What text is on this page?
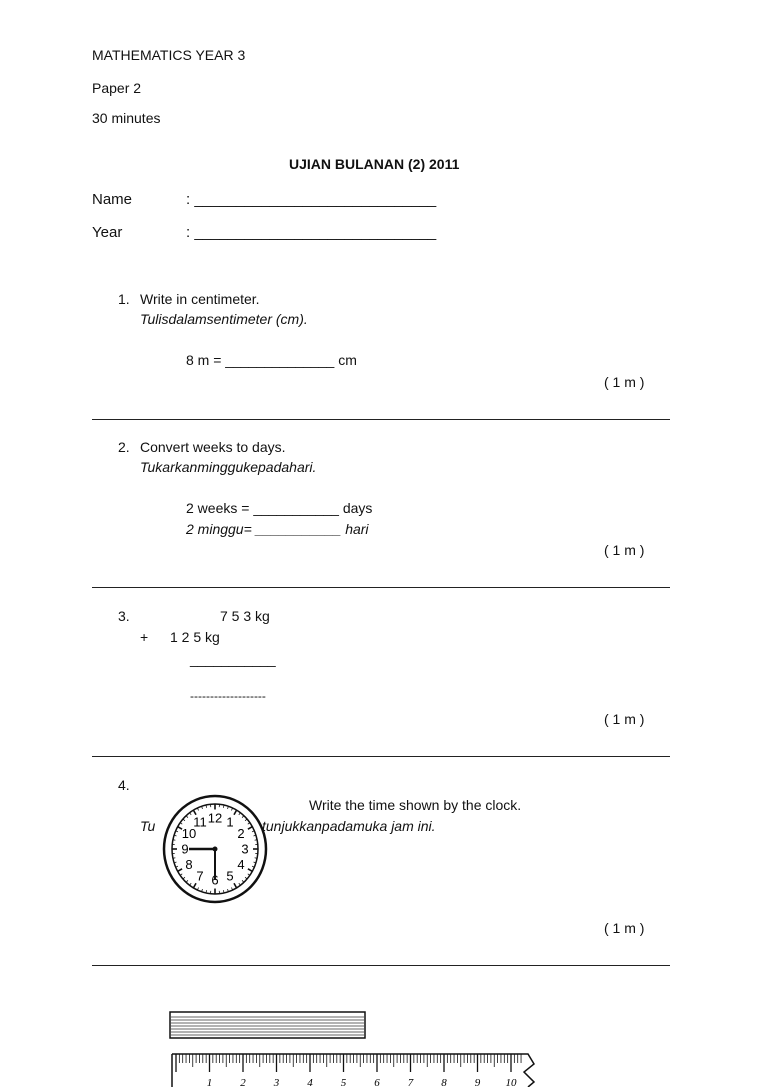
MATHEMATICS YEAR 3
Paper 2
30 minutes
UJIAN BULANAN (2) 2011
Name	: _____________________________
Year	: _____________________________
1. Write in centimeter.
Tulisdalamsentimeter (cm).
8 m = ______________ cm
( 1 m )
2. Convert weeks to days.
Tukarkanminggukepadahari.
2 weeks = ___________ days
2 minggu= ___________ hari
( 1 m )
3.	7 5 3 kg
+ 1 2 5 kg
___________
-------------------
( 1 m )
4.
Write the time shown by the clock.
Tu	tunjukkanpadamuka jam ini.
12 1
2
3
4
5
6
7
8
9
10
11
( 1 m )
1	2	3	4	5	6	7	8	9 10
